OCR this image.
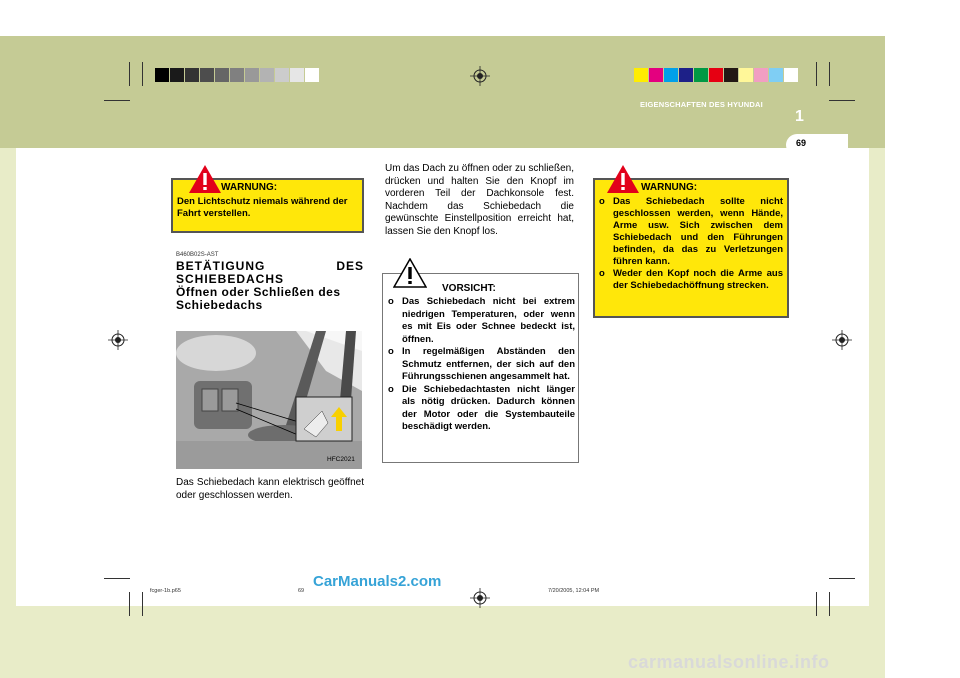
EIGENSCHAFTEN DES HYUNDAI
1
69
WARNUNG:
Den Lichtschutz niemals während der Fahrt verstellen.
B460B02S-AST
BETÄTIGUNG	DES
SCHIEBEDACHS
Öffnen oder Schließen des Schiebedachs
HFC2021
Das Schiebedach kann elektrisch geöffnet oder geschlossen werden.
Um das Dach zu öffnen oder zu schließen, drücken und halten Sie den Knopf im vorderen Teil der Dachkonsole fest. Nachdem das Schiebedach die gewünschte Einstellposition erreicht hat, lassen Sie den Knopf los.
VORSICHT:
o Das Schiebedach nicht bei extrem niedrigen Temperaturen, oder wenn es mit Eis oder Schnee bedeckt ist, öffnen.
o In regelmäßigen Abständen den Schmutz entfernen, der sich auf den Führungsschienen angesammelt hat.
o Die Schiebedachtasten nicht länger als nötig drücken. Dadurch können der Motor oder die Systembauteile beschädigt werden.
WARNUNG:
o Das Schiebedach sollte nicht geschlossen werden, wenn Hände, Arme usw. Sich zwischen dem Schiebedach und den Führungen befinden, da das zu Verletzungen führen kann.
o Weder den Kopf noch die Arme aus der Schiebedachöffnung strecken.
fcger-1b.p65	69	7/20/2005, 12:04 PM
CarManuals2.com
carmanualsonline.info
